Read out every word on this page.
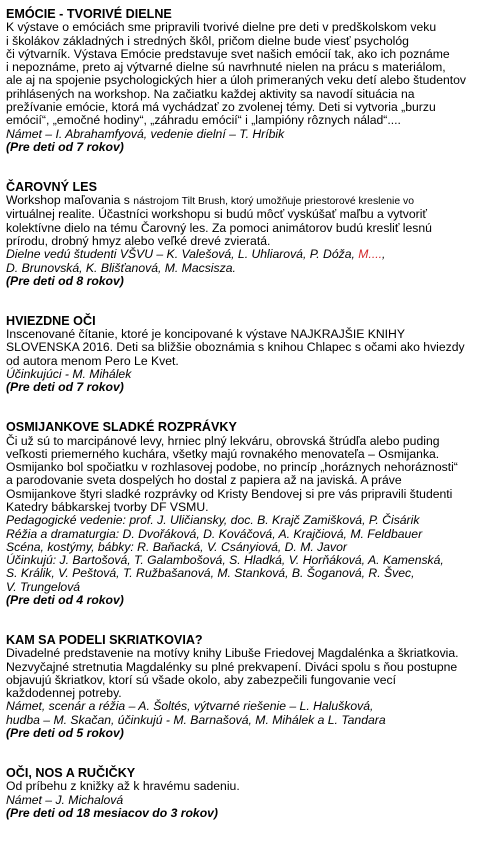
EMÓCIE - TVORIVÉ DIELNE

K výstave o emóciách sme pripravili tvorivé dielne pre deti v predškolskom veku

i školákov základných i stredných škôl, pričom dielne bude viesť psychológ

či výtvarník. Výstava Emócie predstavuje svet našich emócií tak, ako ich poznáme

i nepoznáme, preto aj výtvarné dielne sú navrhnuté nielen na prácu s materiálom,

ale aj na spojenie psychologických hier a úloh primeraných veku detí alebo študentov

prihlásených na workshop. Na začiatku každej aktivity sa navodí situácia na

prežívanie emócie, ktorá má vychádzať zo zvolenej témy. Deti si vytvoria „burzu

emócií“, „emočné hodiny“, „záhradu emócií“ i „lampióny rôznych nálad“....

Námet – I. Abrahamfyová, vedenie dielní – T. Hríbik

(Pre deti od 7 rokov)

ČAROVNÝ LES

Workshop maľovania s nástrojom Tilt Brush, ktorý umožňuje priestorové kreslenie vo

virtuálnej realite. Účastníci workshopu si budú môcť vyskúšať maľbu a vytvoriť

kolektívne dielo na tému Čarovný les. Za pomoci animátorov budú kresliť lesnú

prírodu, drobný hmyz alebo veľké drevé zvieratá.

Dielne vedú študenti VŠVU – K. Valešová, L. Uhliarová, P. Dóža, M....,

D. Brunovská, K. Blišťanová, M. Macsisza.

(Pre deti od 8 rokov)

HVIEZDNE OČI

Inscenované čítanie, ktoré je koncipované k výstave NAJKRAJŠIE KNIHY

SLOVENSKA 2016. Deti sa bližšie oboznámia s knihou Chlapec s očami ako hviezdy

od autora menom Pero Le Kvet.

Účinkujúci - M. Mihálek

(Pre deti od 7 rokov)

OSMIJANKOVE SLADKÉ ROZPRÁVKY

Či už sú to marcipánové levy, hrniec plný lekváru, obrovská štrúdľa alebo puding

veľkosti priemerného kuchára, všetky majú rovnakého menovateľa – Osmijanka.

Osmijanko bol spočiatku v rozhlasovej podobe, no princíp „horáznych nehoráznosti“

a parodovanie sveta dospelých ho dostal z papiera až na javiská. A práve

Osmijankove štyri sladké rozprávky od Kristy Bendovej si pre vás pripravili študenti

Katedry bábkarskej tvorby DF VSMU.

Pedagogické vedenie: prof. J. Uličiansky, doc. B. Krajč Zamišková, P. Čisárik

Réžia a dramaturgia: D. Dvořáková, D. Kováčová, A. Krajčiová, M. Feldbauer

Scéna, kostýmy, bábky: R. Baňacká, V. Csányiová, D. M. Javor

Účinkujú: J. Bartošová, T. Galambošová, S. Hladká, V. Horňáková, A. Kamenská,

S. Králik, V. Peštová, T. Ružbašanová, M. Stanková, B. Šoganová, R. Švec,

V. Trungelová

(Pre deti od 4 rokov)

KAM SA PODELI SKRIATKOVIA?

Divadelné predstavenie na motívy knihy Libuše Friedovej Magdalénka a škriatkovia.

Nezvyčajné stretnutia Magdalénky su plné prekvapení. Diváci spolu s ňou postupne

objavujú škriatkov, ktorí sú všade okolo, aby zabezpečili fungovanie vecí

každodennej potreby.

Námet, scenár a réžia – A. Šoltés, výtvarné riešenie – L. Halušková,

hudba – M. Skačan, účinkujú - M. Barnašová, M. Mihálek a L. Tandara

(Pre deti od 5 rokov)

OČI, NOS A RUČIČKY

Od príbehu z knižky až k hravému sadeniu.

Námet – J. Michalová

(Pre deti od 18 mesiacov do 3 rokov)
